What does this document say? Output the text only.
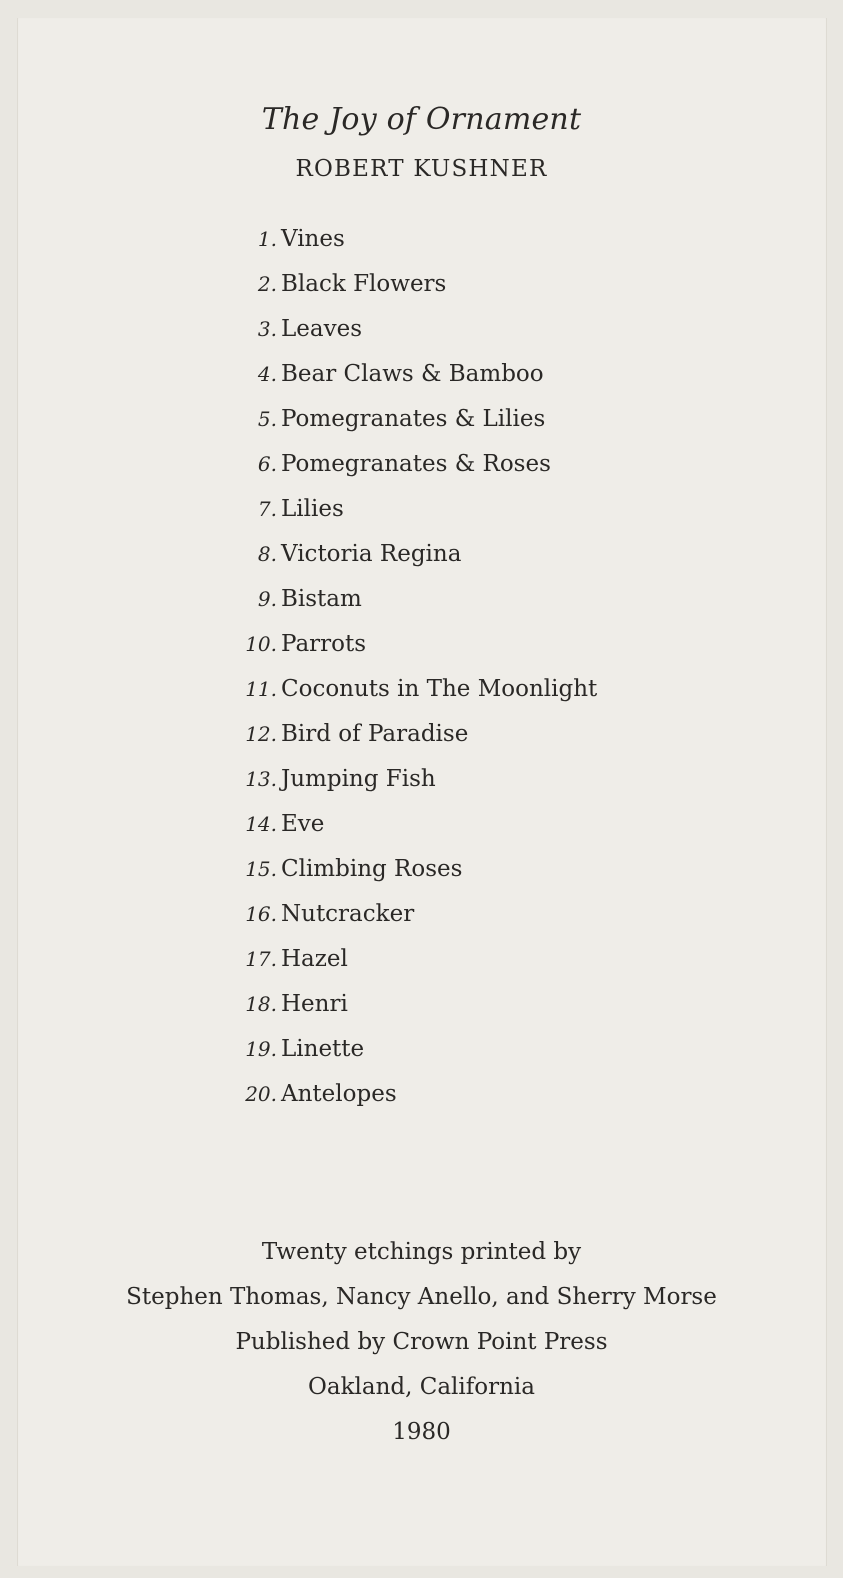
The Joy of Ornament
ROBERT KUSHNER
1. Vines
2. Black Flowers
3. Leaves
4. Bear Claws & Bamboo
5. Pomegranates & Lilies
6. Pomegranates & Roses
7. Lilies
8. Victoria Regina
9. Bistam
10. Parrots
11. Coconuts in The Moonlight
12. Bird of Paradise
13. Jumping Fish
14. Eve
15. Climbing Roses
16. Nutcracker
17. Hazel
18. Henri
19. Linette
20. Antelopes
Twenty etchings printed by
Stephen Thomas, Nancy Anello, and Sherry Morse
Published by Crown Point Press
Oakland, California
1980
